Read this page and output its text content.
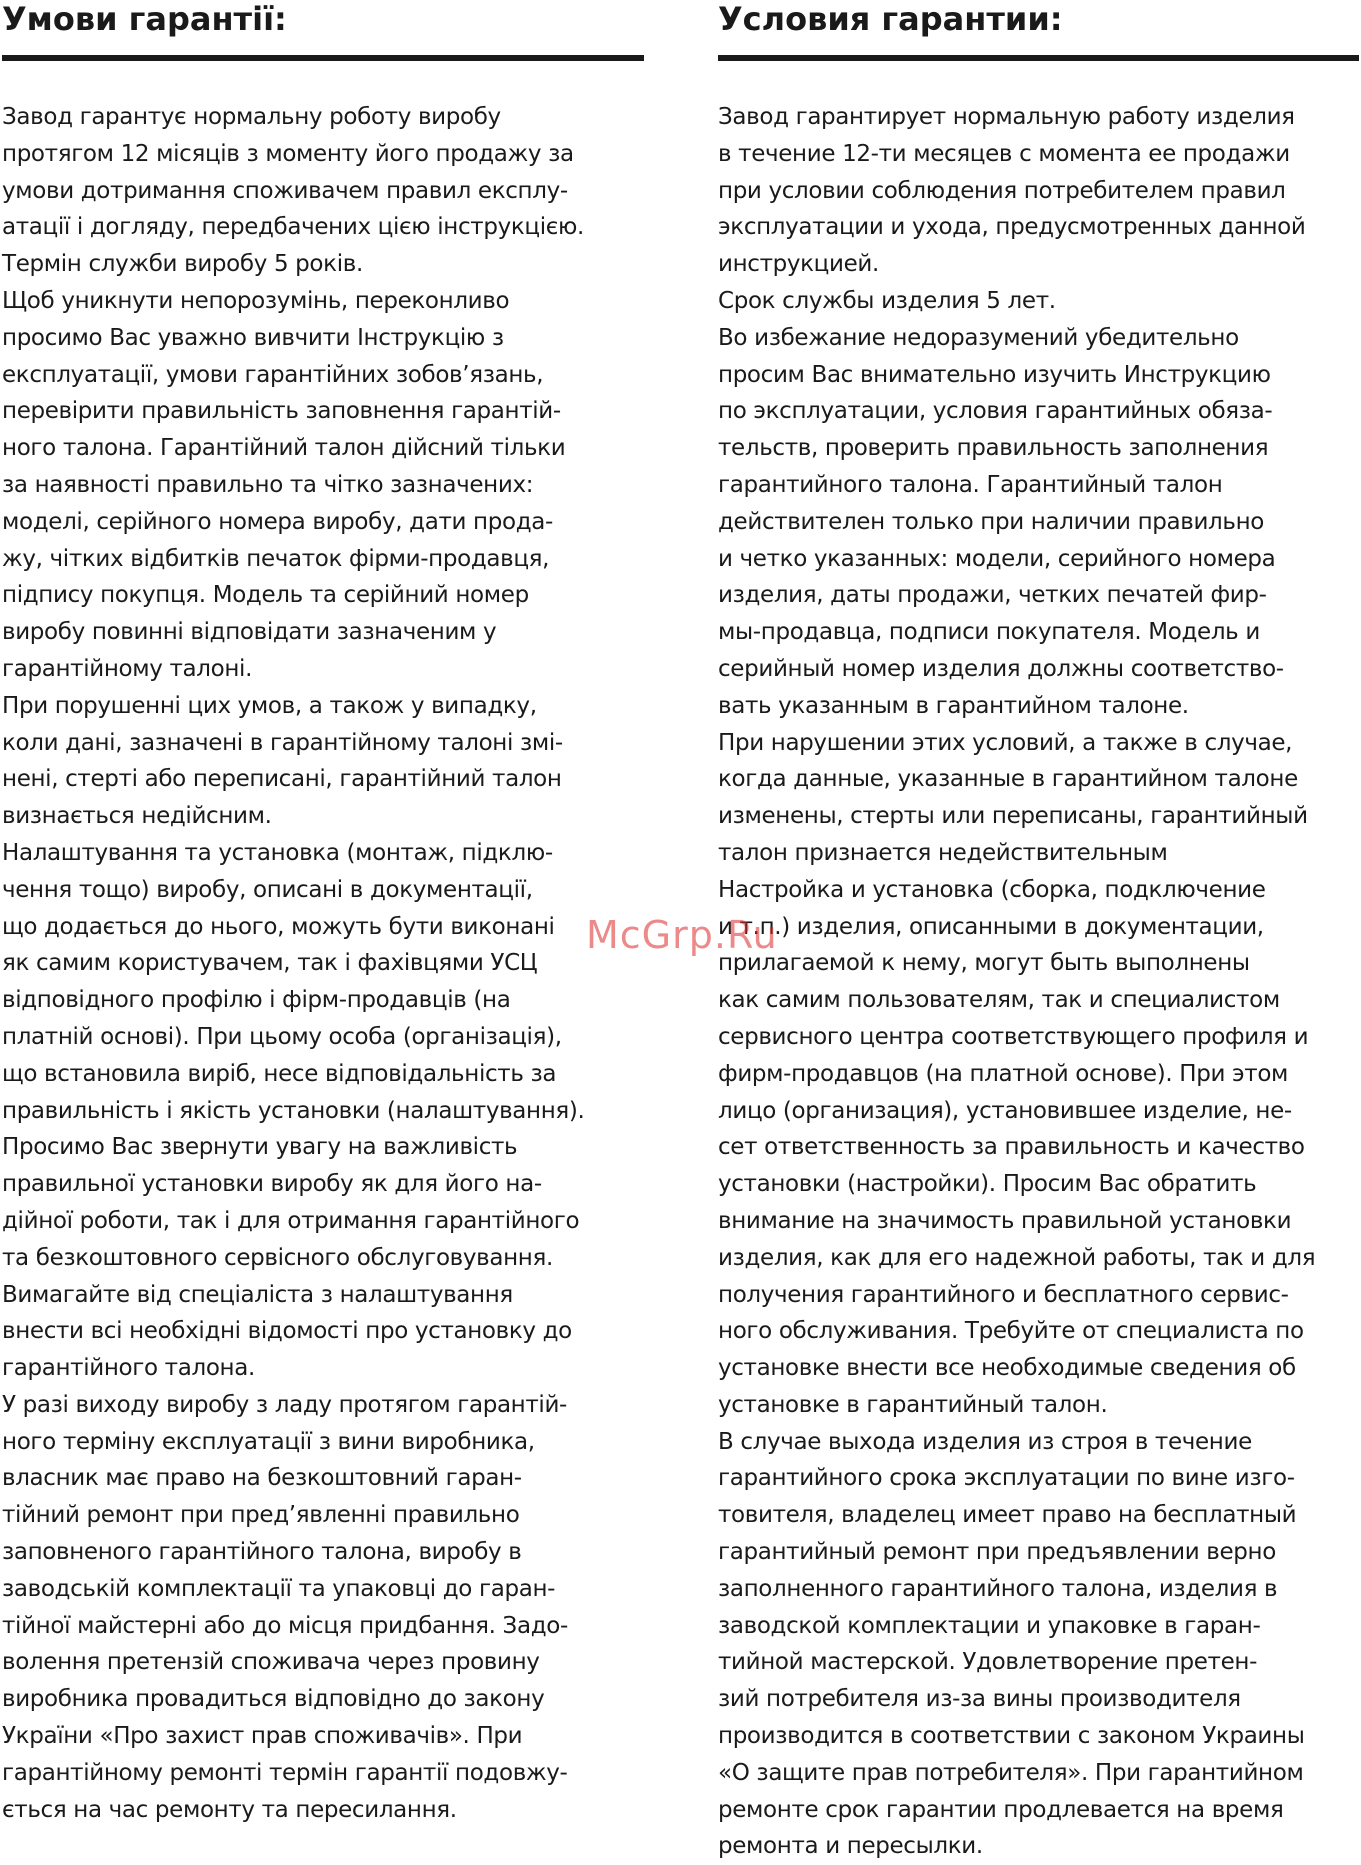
Умови гарантії:

Завод гарантує нормальну роботу виробу
протягом 12 місяців з моменту його продажу за
умови дотримання споживачем правил експлу-
атації і догляду, передбачених цією інструкцією.
Термін служби виробу 5 років.

Щоб уникнути непорозумінь, переконливо
просимо Вас уважно вивчити Інструкцію з
експлуатації, умови гарантійних зобов’язань,
перевірити правильність заповнення гарантій-
ного талона. Гарантійний талон дійсний тільки
за наявності правильно та чітко зазначених:
моделі, серійного номера виробу, дати прода-
жу, чітких відбитків печаток фірми-продавця,
підпису покупця. Модель та серійний номер
виробу повинні відповідати зазначеним у
гарантійному талоні.

При порушенні цих умов, а також у випадку,
коли дані, зазначені в гарантійному талоні змі-
нені, стерті або переписані, гарантійний талон
визнається недійсним.

Налаштування та установка (монтаж, підклю-
чення тощо) виробу, описані в документації,
що додається до нього, можуть бути виконані
як самим користувачем, так і фахівцями УСЦ
відповідного профілю і фірм-продавців (на
платній основі). При цьому особа (організація),
що встановила виріб, несе відповідальність за
правильність і якість установки (налаштування).
Просимо Вас звернути увагу на важливість
правильної установки виробу як для його на-
дійної роботи, так і для отримання гарантійного
та безкоштовного сервісного обслуговування.
Вимагайте від спеціаліста з налаштування
внести всі необхідні відомості про установку до
гарантійного талона.

У разі виходу виробу з ладу протягом гарантій-
ного терміну експлуатації з вини виробника,
власник має право на безкоштовний гаран-
тійний ремонт при пред’явленні правильно
заповненого гарантійного талона, виробу в
заводській комплектації та упаковці до гаран-
тійної майстерні або до місця придбання. Задо-
волення претензій споживача через провину
виробника провадиться відповідно до закону
України «Про захист прав споживачів». При
гарантійному ремонті термін гарантії подовжу-
ється на час ремонту та пересилання.

Условия гарантии:

Завод гарантирует нормальную работу изделия
в течение 12-ти месяцев с момента ее продажи
при условии соблюдения потребителем правил
эксплуатации и ухода, предусмотренных данной
инструкцией.

Срок службы изделия 5 лет.

Во избежание недоразумений убедительно
просим Вас внимательно изучить Инструкцию
по эксплуатации, условия гарантийных обяза-
тельств, проверить правильность заполнения
гарантийного талона. Гарантийный талон
действителен только при наличии правильно
и четко указанных: модели, серийного номера
изделия, даты продажи, четких печатей фир-
мы-продавца, подписи покупателя. Модель и
серийный номер изделия должны соответство-
вать указанным в гарантийном талоне.

При нарушении этих условий, а также в случае,
когда данные, указанные в гарантийном талоне
изменены, стерты или переписаны, гарантийный
талон признается недействительным

Настройка и установка (сборка, подключение
и т.п.) изделия, описанными в документации,
прилагаемой к нему, могут быть выполнены
как самим пользователям, так и специалистом
сервисного центра соответствующего профиля и
фирм-продавцов (на платной основе). При этом
лицо (организация), установившее изделие, не-
сет ответственность за правильность и качество
установки (настройки). Просим Вас обратить
внимание на значимость правильной установки
изделия, как для его надежной работы, так и для
получения гарантийного и бесплатного сервис-
ного обслуживания. Требуйте от специалиста по
установке внести все необходимые сведения об
установке в гарантийный талон.

В случае выхода изделия из строя в течение
гарантийного срока эксплуатации по вине изго-
товителя, владелец имеет право на бесплатный
гарантийный ремонт при предъявлении верно
заполненного гарантийного талона, изделия в
заводской комплектации и упаковке в гаран-
тийной мастерской. Удовлетворение претен-
зий потребителя из-за вины производителя
производится в соответствии с законом Украины
«О защите прав потребителя». При гарантийном
ремонте срок гарантии продлевается на время
ремонта и пересылки.

McGrp.Ru
